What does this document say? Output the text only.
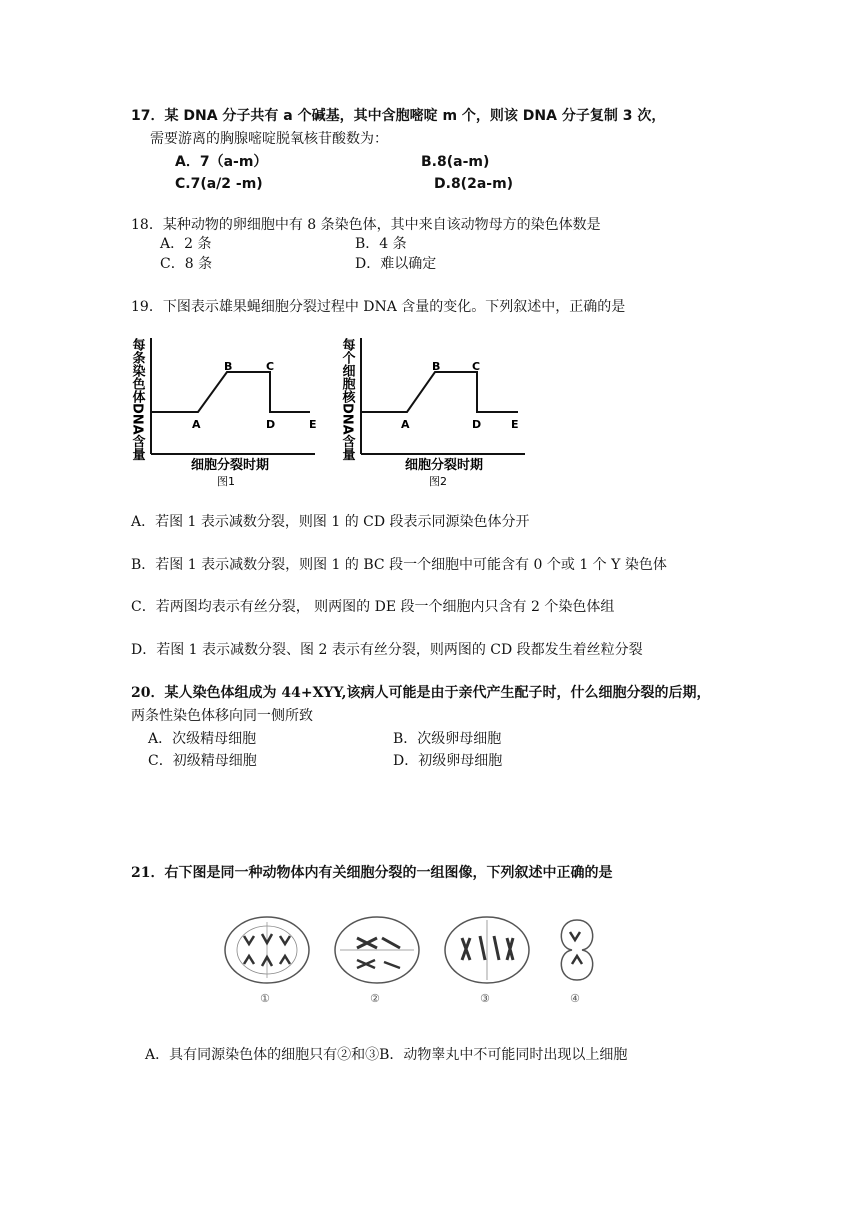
17．某 DNA 分子共有 a 个碱基，其中含胞嘧啶 m 个，则该 DNA 分子复制 3 次，
需要游离的胸腺嘧啶脱氧核苷酸数为：
A．7（a-m）	B.8(a-m)
C.7(a/2 -m)	D.8(2a-m)
18．某种动物的卵细胞中有 8 条染色体，其中来自该动物母方的染色体数是
A．2 条	B．4 条
C．8 条	D．难以确定
19．下图表示雄果蝇细胞分裂过程中 DNA 含量的变化。下列叙述中，正确的是
每条染色体DNA含量	A
B	C
D	E
细胞分裂时期
图1
每个细胞核DNA含量	A
B	C
D	E
细胞分裂时期
图2
A．若图 1 表示减数分裂，则图 1 的 CD 段表示同源染色体分开
B．若图 1 表示减数分裂，则图 1 的 BC 段一个细胞中可能含有 0 个或 1 个 Y 染色体
C．若两图均表示有丝分裂， 则两图的 DE 段一个细胞内只含有 2 个染色体组
D．若图 1 表示减数分裂、图 2 表示有丝分裂，则两图的 CD 段都发生着丝粒分裂
20．某人染色体组成为 44+XYY,该病人可能是由于亲代产生配子时，什么细胞分裂的后期，
两条性染色体移向同一侧所致
A．次级精母细胞	B．次级卵母细胞
C．初级精母细胞	D．初级卵母细胞
21．右下图是同一种动物体内有关细胞分裂的一组图像，下列叙述中正确的是
①	②	③	④
A．具有同源染色体的细胞只有②和③B．动物睾丸中不可能同时出现以上细胞
